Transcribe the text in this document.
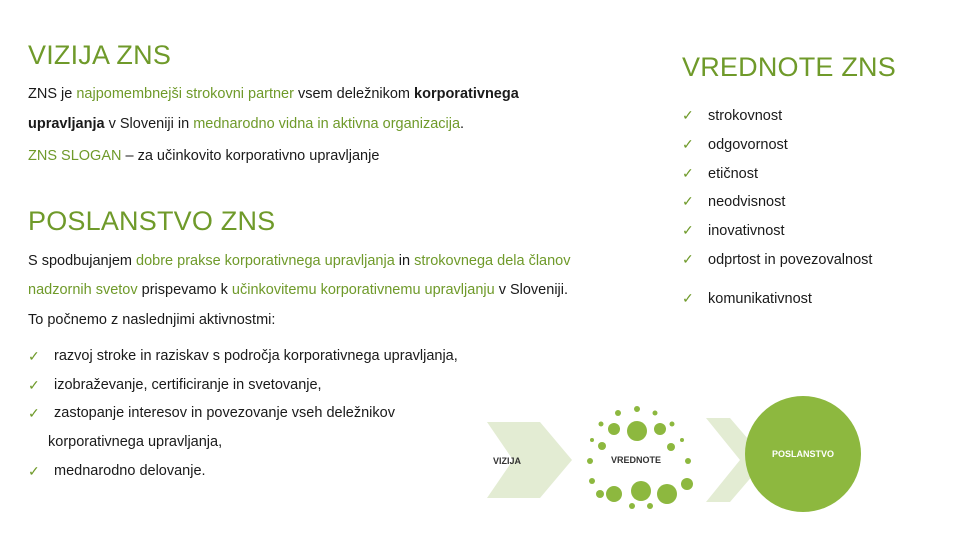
VIZIJA ZNS

ZNS je najpomembnejši strokovni partner vsem deležnikom korporativnega

upravljanja v Sloveniji in mednarodno vidna in aktivna organizacija.

ZNS SLOGAN – za učinkovito korporativno upravljanje

POSLANSTVO ZNS

S spodbujanjem dobre prakse korporativnega upravljanja in strokovnega dela članov

nadzornih svetov prispevamo k učinkovitemu korporativnemu upravljanju v Sloveniji.

To počnemo z naslednjimi aktivnostmi:

✓ razvoj stroke in raziskav s področja korporativnega upravljanja,
✓ izobraževanje, certificiranje in svetovanje,
✓ zastopanje interesov in povezovanje vseh deležnikov
korporativnega upravljanja,
✓ mednarodno delovanje.
VREDNOTE ZNS
✓ strokovnost
✓ odgovornost
✓ etičnost
✓ neodvisnost
✓ inovativnost
✓ odprtost in povezovalnost
✓ komunikativnost
VIZIJA	VREDNOTE
POSLANSTVO
